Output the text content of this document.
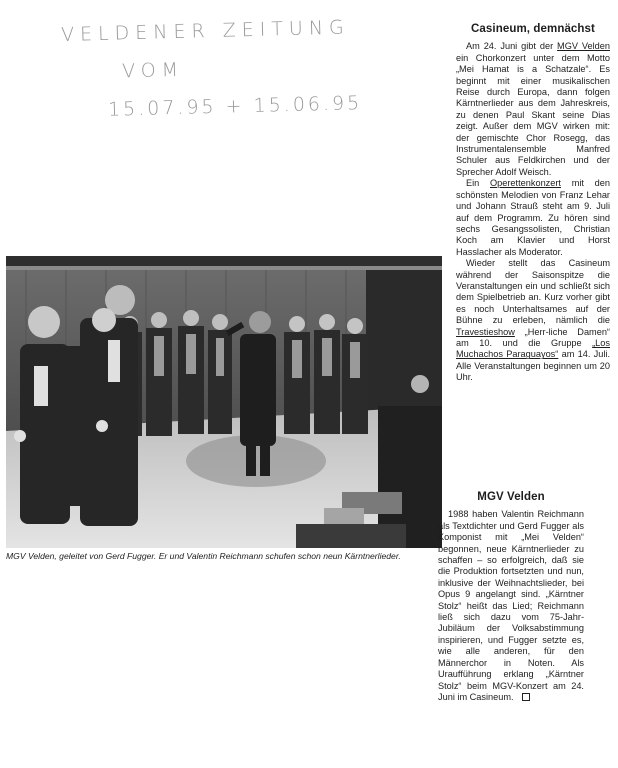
VELDENER ZEITUNG
VOM
15.07.95 + 15.06.95
Casineum, demnächst

Am 24. Juni gibt der MGV Velden ein Chorkonzert unter dem Motto „Mei Hamat is a Schatzale“. Es beginnt mit einer musikalischen Reise durch Europa, dann folgen Kärntnerlieder aus dem Jahreskreis, zu denen Paul Skant seine Dias zeigt. Außer dem MGV wirken mit: der gemischte Chor Rosegg, das Instrumentalensemble Manfred Schuler aus Feldkirchen und der Sprecher Adolf Weisch.

Ein Operettenkonzert mit den schönsten Melodien von Franz Lehar und Johann Strauß steht am 9. Juli auf dem Programm. Zu hören sind sechs Gesangssolisten, Christian Koch am Klavier und Horst Hasslacher als Moderator.

Wieder stellt das Casineum während der Saisonspitze die Veranstaltungen ein und schließt sich dem Spielbetrieb an. Kurz vorher gibt es noch Unterhaltsames auf der Bühne zu erleben, nämlich die Travestieshow „Herr-liche Damen“ am 10. und die Gruppe „Los Muchachos Paraguayos“ am 14. Juli. Alle Veranstaltungen beginnen um 20 Uhr.

MGV Velden, geleitet von Gerd Fugger. Er und Valentin Reichmann schufen schon neun Kärntnerlieder.
MGV Velden

1988 haben Valentin Reichmann als Textdichter und Gerd Fugger als Komponist mit „Mei Velden“ begonnen, neue Kärntnerlieder zu schaffen – so erfolgreich, daß sie die Produktion fortsetzten und nun, inklusive der Weihnachtslieder, bei Opus 9 angelangt sind. „Kärntner Stolz“ heißt das Lied; Reichmann ließ sich dazu vom 75-Jahr-Jubiläum der Volksabstimmung inspirieren, und Fugger setzte es, wie alle anderen, für den Männerchor in Noten. Als Uraufführung erklang „Kärntner Stolz“ beim MGV-Konzert am 24. Juni im Casineum.
